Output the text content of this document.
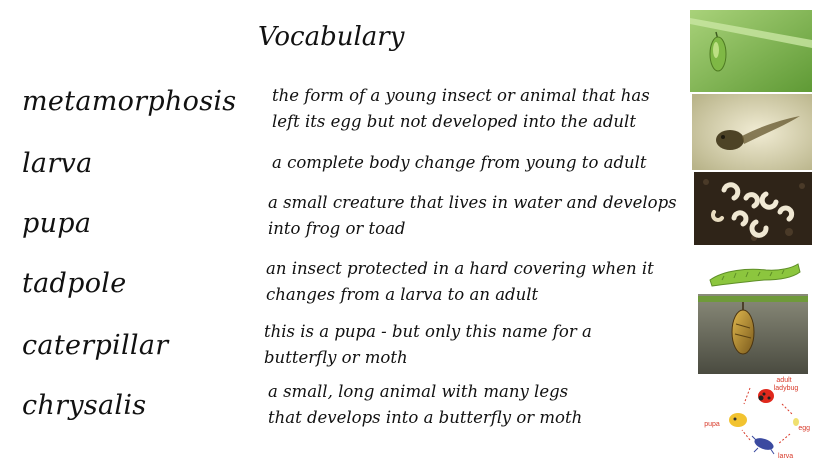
Vocabulary
metamorphosis
larva
pupa
tadpole
caterpillar
chrysalis
the form of a young insect or animal that has
left its egg but not developed into the adult
a complete body change from young to adult
a small creature that lives in water and develops
into frog or toad
an insect protected in a hard covering when it
changes from a larva to an adult
this is a pupa - but only this name for a
butterfly or moth
a small, long animal with many legs
that develops into a butterfly or moth
adult
ladybug
pupa
egg
larva
